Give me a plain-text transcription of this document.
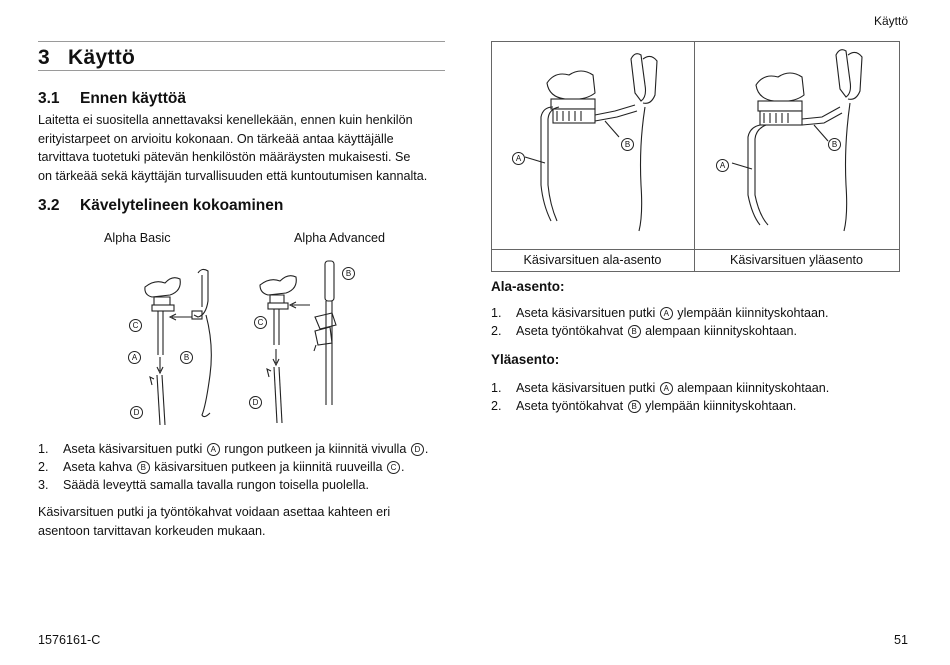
Käyttö
3 Käyttö
3.1 Ennen käyttöä
Laitetta ei suositella annettavaksi kenellekään, ennen kuin henkilön
erityistarpeet on arvioitu kokonaan. On tärkeää antaa käyttäjälle
tarvittava tuotetuki pätevän henkilöstön määräysten mukaisesti. Se
on tärkeää sekä käyttäjän turvallisuuden että kuntoutumisen kannalta.
3.2 Kävelytelineen kokoaminen
Alpha Basic	Alpha Advanced
C
A	B
D
B
C
D
1. Aseta käsivarsituen putki A rungon putkeen ja kiinnitä vivulla D .
2. Aseta kahva B käsivarsituen putkeen ja kiinnitä ruuveilla C .
3. Säädä leveyttä samalla tavalla rungon toisella puolella.
Käsivarsituen putki ja työntökahvat voidaan asettaa kahteen eri
asentoon tarvittavan korkeuden mukaan.
A
B
A
B
Käsivarsituen ala-asento	Käsivarsituen yläasento
Ala-asento:
1. Aseta käsivarsituen putki A ylempään kiinnityskohtaan.
2. Aseta työntökahvat B alempaan kiinnityskohtaan.
Yläasento:
1. Aseta käsivarsituen putki A alempaan kiinnityskohtaan.
2. Aseta työntökahvat B ylempään kiinnityskohtaan.
1576161-C	51
